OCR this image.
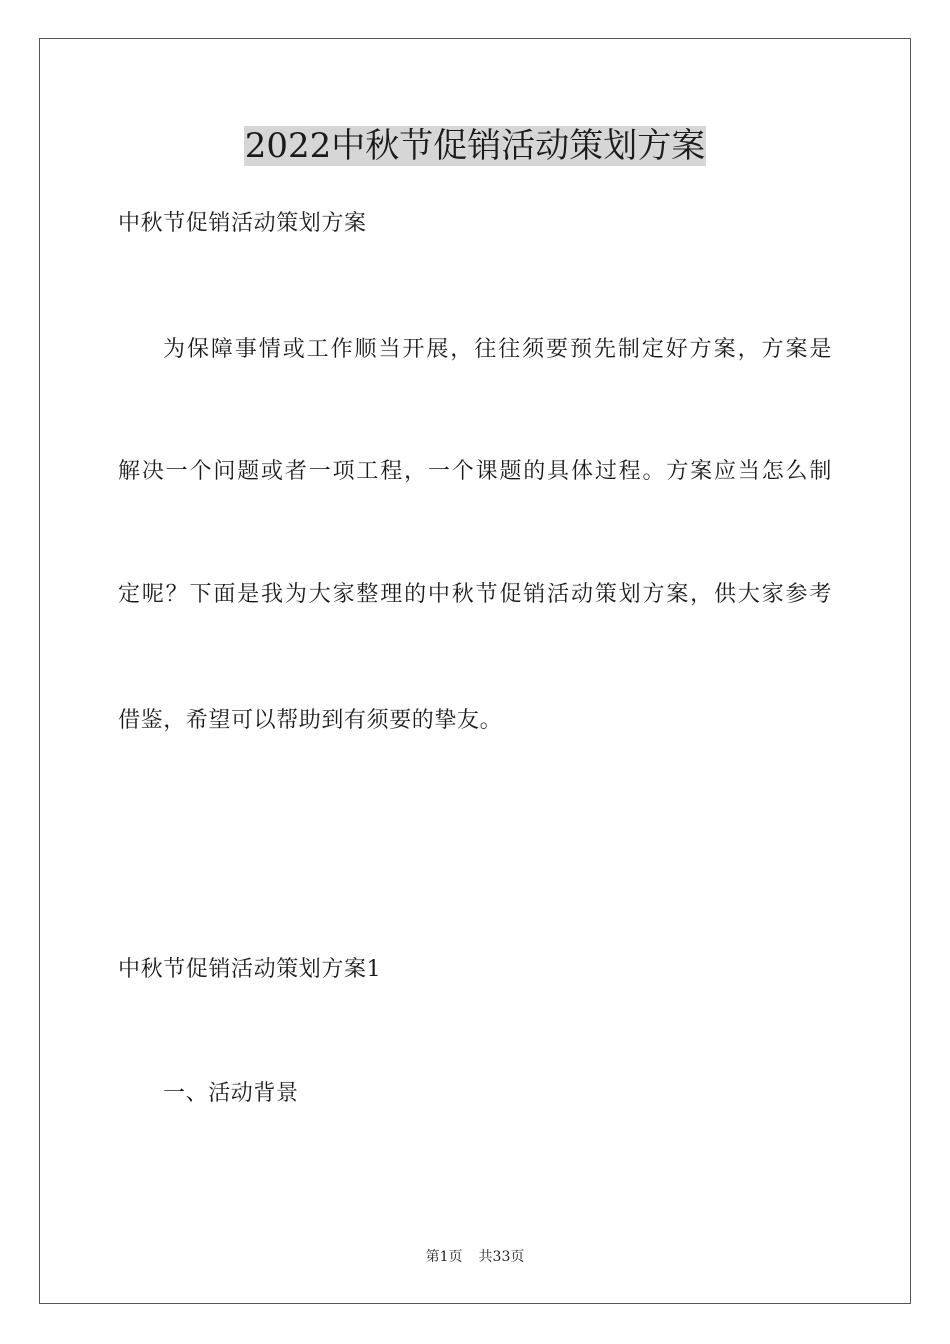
2022中秋节促销活动策划方案

中秋节促销活动策划方案

为保障事情或工作顺当开展，往往须要预先制定好方案，方案是

解决一个问题或者一项工程，一个课题的具体过程。方案应当怎么制

定呢？下面是我为大家整理的中秋节促销活动策划方案，供大家参考

借鉴，希望可以帮助到有须要的挚友。

中秋节促销活动策划方案1

一、活动背景

第1页 共33页
